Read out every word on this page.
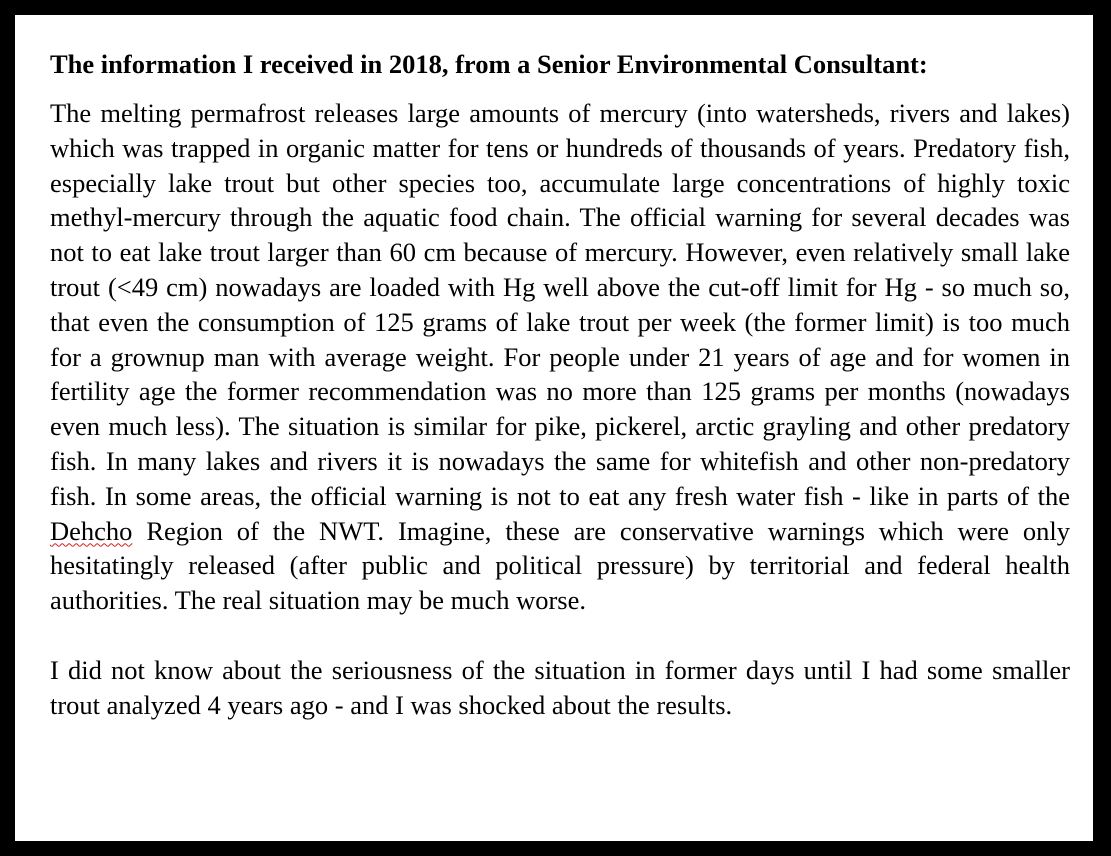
The information I received in 2018, from a Senior Environmental Consultant:

The melting permafrost releases large amounts of mercury (into watersheds, rivers and lakes) which was trapped in organic matter for tens or hundreds of thousands of years. Predatory fish, especially lake trout but other species too, accumulate large concentrations of highly toxic methyl-mercury through the aquatic food chain. The official warning for several decades was not to eat lake trout larger than 60 cm because of mercury. However, even relatively small lake trout (<49 cm) nowadays are loaded with Hg well above the cut-off limit for Hg - so much so, that even the consumption of 125 grams of lake trout per week (the former limit) is too much for a grownup man with average weight. For people under 21 years of age and for women in fertility age the former recommendation was no more than 125 grams per months (nowadays even much less). The situation is similar for pike, pickerel, arctic grayling and other predatory fish. In many lakes and rivers it is nowadays the same for whitefish and other non-predatory fish. In some areas, the official warning is not to eat any fresh water fish - like in parts of the Dehcho Region of the NWT. Imagine, these are conservative warnings which were only hesitatingly released (after public and political pressure) by territorial and federal health authorities. The real situation may be much worse.

I did not know about the seriousness of the situation in former days until I had some smaller trout analyzed 4 years ago - and I was shocked about the results.
